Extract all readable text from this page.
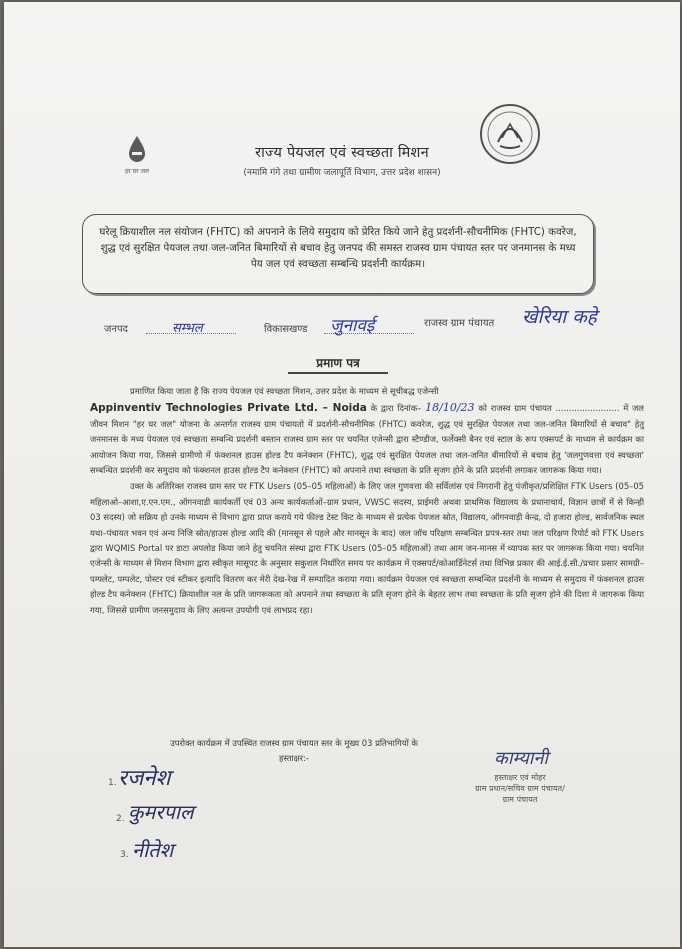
हर घर जल
राज्य पेयजल एवं स्वच्छता मिशन
(नमामि गंगे तथा ग्रामीण जलापूर्ति विभाग, उत्तर प्रदेश शासन)
घरेलू क्रियाशील नल संयोजन (FHTC) को अपनाने के लिये समुदाय को प्रेरित किये जाने हेतु प्रदर्शनी-सौचनीमिक (FHTC) कवरेज, शुद्ध एवं सुरक्षित पेयजल तथा जल-जनित बिमारियों से बचाव हेतु जनपद की समस्त राजस्व ग्राम पंचायत स्तर पर जनमानस के मध्य पेय जल एवं स्वच्छता सम्बन्धि प्रदर्शनी कार्यक्रम।
जनपद	सम्भल	विकासखण्ड जुनावई	राजस्व ग्राम पंचायत खेरिया कहे
प्रमाण पत्र

प्रमाणित किया जाता है कि राज्य पेयजल एवं स्वच्छता मिशन, उत्तर प्रदेश के माध्यम से सूचीबद्ध एजेन्सी

Appinventiv Technologies Private Ltd. – Noida के द्वारा दिनांक– 18/10/23 को राजस्व ग्राम पंचायत ........................ में जल जीवन मिशन "हर घर जल" योजना के अन्तर्गत राजस्व ग्राम पंचायतो में प्रदर्शनी-सौचनीमिक (FHTC) कवरेज, शुद्ध एवं सुरक्षित पेयजल तथा जल-जनित बिमारियों से बचाव" हेतु जनमानस के मध्य पेयजल एवं स्वच्छता सम्बन्धि प्रदर्शनी बस्तान राजस्व ग्राम स्तर पर चयनित एजेन्सी द्वारा स्टैण्डीज, फर्लेक्सी बैनर एवं स्टाल के रूप एक्सपर्ट के माध्यम से कार्यक्रम का आयोजन किया गया, जिससे ग्रामीणो में फंक्शनल हाउस होल्ड टैप कनेक्शन (FHTC), शुद्ध एवं सुरक्षित पेयजल तथा जल-जनित बीमारियों से बचाव हेतु 'जलगुणवत्ता एवं स्वच्छता' सम्बन्धित प्रदर्शनी कर समुदाय को फंक्शनल हाउस होल्ड टैप कनेक्शन (FHTC) को अपनाने तथा स्वच्छता के प्रति सृजग होने के प्रति प्रदर्शनी लगाकर जागरूक किया गया।

उक्त के अतिरिक्त राजस्व ग्राम स्तर पर FTK Users (05–05 महिलाओं) के लिए जल गुणवत्ता की सर्विलांस एवं निगरानी हेतु पंजीकृत/प्रशिक्षित FTK Users (05–05 महिलाओ–आशा,ए.एन.एम., ऑगनवाडी कार्यकर्ती एवं 03 अन्य कार्यकर्ताओं–ग्राम प्रधान, VWSC सदस्य, प्राईमरी अथवा प्राथमिक विद्यालय के प्रधानाचार्य, विज्ञान छात्रों में से किन्ही 03 सदस्य) जो सक्रिय हो उनके माध्यम से विभाग द्वारा प्राप्त कराये गये फील्ड टेस्ट किट के माध्यम से प्रत्येक पेयजल स्रोत, विद्यालय, ऑगनवाड़ी केन्द्र, दो हजारा होल्ड, सार्वजनिक स्थल यथा–पंचायत भवन एवं अन्य निजि स्रोत/हाउस होल्ड आदि की (मानसून से पहले और मानसून के बाद) जल जॉच परिक्षण सम्बन्धित प्रपत्र-स्तर तथा जल परिक्षण रिपोर्ट को FTK Users द्वारा WQMIS Portal पर डाटा अपलोड किया जाने हेतु चयनित संस्था द्वारा FTK Users (05–05 महिलाओं) तथा आम जन-मानस में व्यापक स्तर पर जागरूक किया गया। चयनित एजेन्सी के माध्यम से मिशन विभाग द्वारा स्वीकृत मासूपट के अनुसार सकुशल निर्धारित समय पर कार्यक्रम में एक्सपर्ट/कोआर्डिनेटर्स तथा विभिन्न प्रकार की आई.ई.सी./प्रचार प्रसार सामग्री–पम्फ्लेट, पम्पलेट, पोस्टर एवं स्टीकर इत्यादि वितरण कर मेरी देख-रेख में सम्पादित कराया गया। कार्यक्रम पेयजल एवं स्वच्छता सम्बन्धित प्रदर्शनी के माध्यम से समुदाय में फंक्शनल हाउस होल्ड टैप कनेक्शन (FHTC) क्रियाशील नल के प्रति जागरूकता को अपनाने तथा स्वच्छता के प्रति सृजग होने के बेहतर लाभ तथा स्वच्छता के प्रति सृजग होने की दिशा मे जागरूक किया गया, जिससे ग्रामीण जनसमुदाय के लिए अत्यन्त उपयोगी एवं लाभप्रद रहा।

उपरोक्त कार्यक्रम में उपस्थित राजस्व ग्राम पंचायत स्तर के मुख्य 03 प्रतिभागियों के
हस्ताक्षर:-
1. रजनेश
2. कुमरपाल
3. नीतेश
काम्यानी
हस्ताक्षर एवं मोहर
ग्राम प्रधान/सचिव ग्राम पंचायत/
ग्राम पंचायत
